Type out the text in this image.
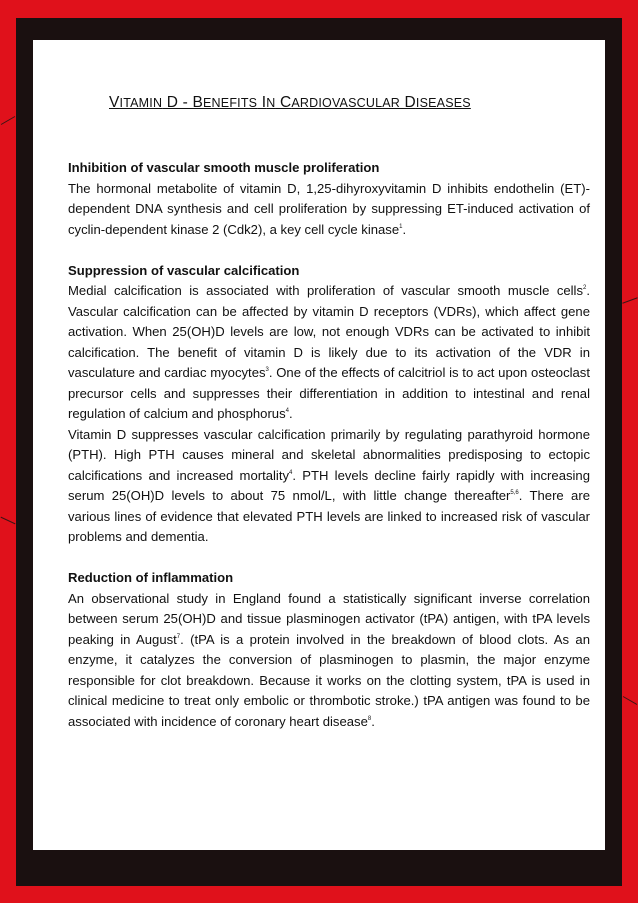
VITAMIN D - BENEFITS IN CARDIOVASCULAR DISEASES

Inhibition of vascular smooth muscle proliferation

The hormonal metabolite of vitamin D, 1,25-dihyroxyvitamin D inhibits endothelin (ET)-dependent DNA synthesis and cell proliferation by suppressing ET-induced activation of cyclin-dependent kinase 2 (Cdk2), a key cell cycle kinase$^1$.

Suppression of vascular calcification

Medial calcification is associated with proliferation of vascular smooth muscle cells$^2$. Vascular calcification can be affected by vitamin D receptors (VDRs), which affect gene activation. When 25(OH)D levels are low, not enough VDRs can be activated to inhibit calcification. The benefit of vitamin D is likely due to its activation of the VDR in vasculature and cardiac myocytes$^3$. One of the effects of calcitriol is to act upon osteoclast precursor cells and suppresses their differentiation in addition to intestinal and renal regulation of calcium and phosphorus$^4$.

Vitamin D suppresses vascular calcification primarily by regulating parathyroid hormone (PTH). High PTH causes mineral and skeletal abnormalities predisposing to ectopic calcifications and increased mortality$^4$. PTH levels decline fairly rapidly with increasing serum 25(OH)D levels to about 75 nmol/L, with little change thereafter$^{5,6}$. There are various lines of evidence that elevated PTH levels are linked to increased risk of vascular problems and dementia.

Reduction of inflammation

An observational study in England found a statistically significant inverse correlation between serum 25(OH)D and tissue plasminogen activator (tPA) antigen, with tPA levels peaking in August$^7$. (tPA is a protein involved in the breakdown of blood clots. As an enzyme, it catalyzes the conversion of plasminogen to plasmin, the major enzyme responsible for clot breakdown. Because it works on the clotting system, tPA is used in clinical medicine to treat only embolic or thrombotic stroke.) tPA antigen was found to be associated with incidence of coronary heart disease$^8$.
